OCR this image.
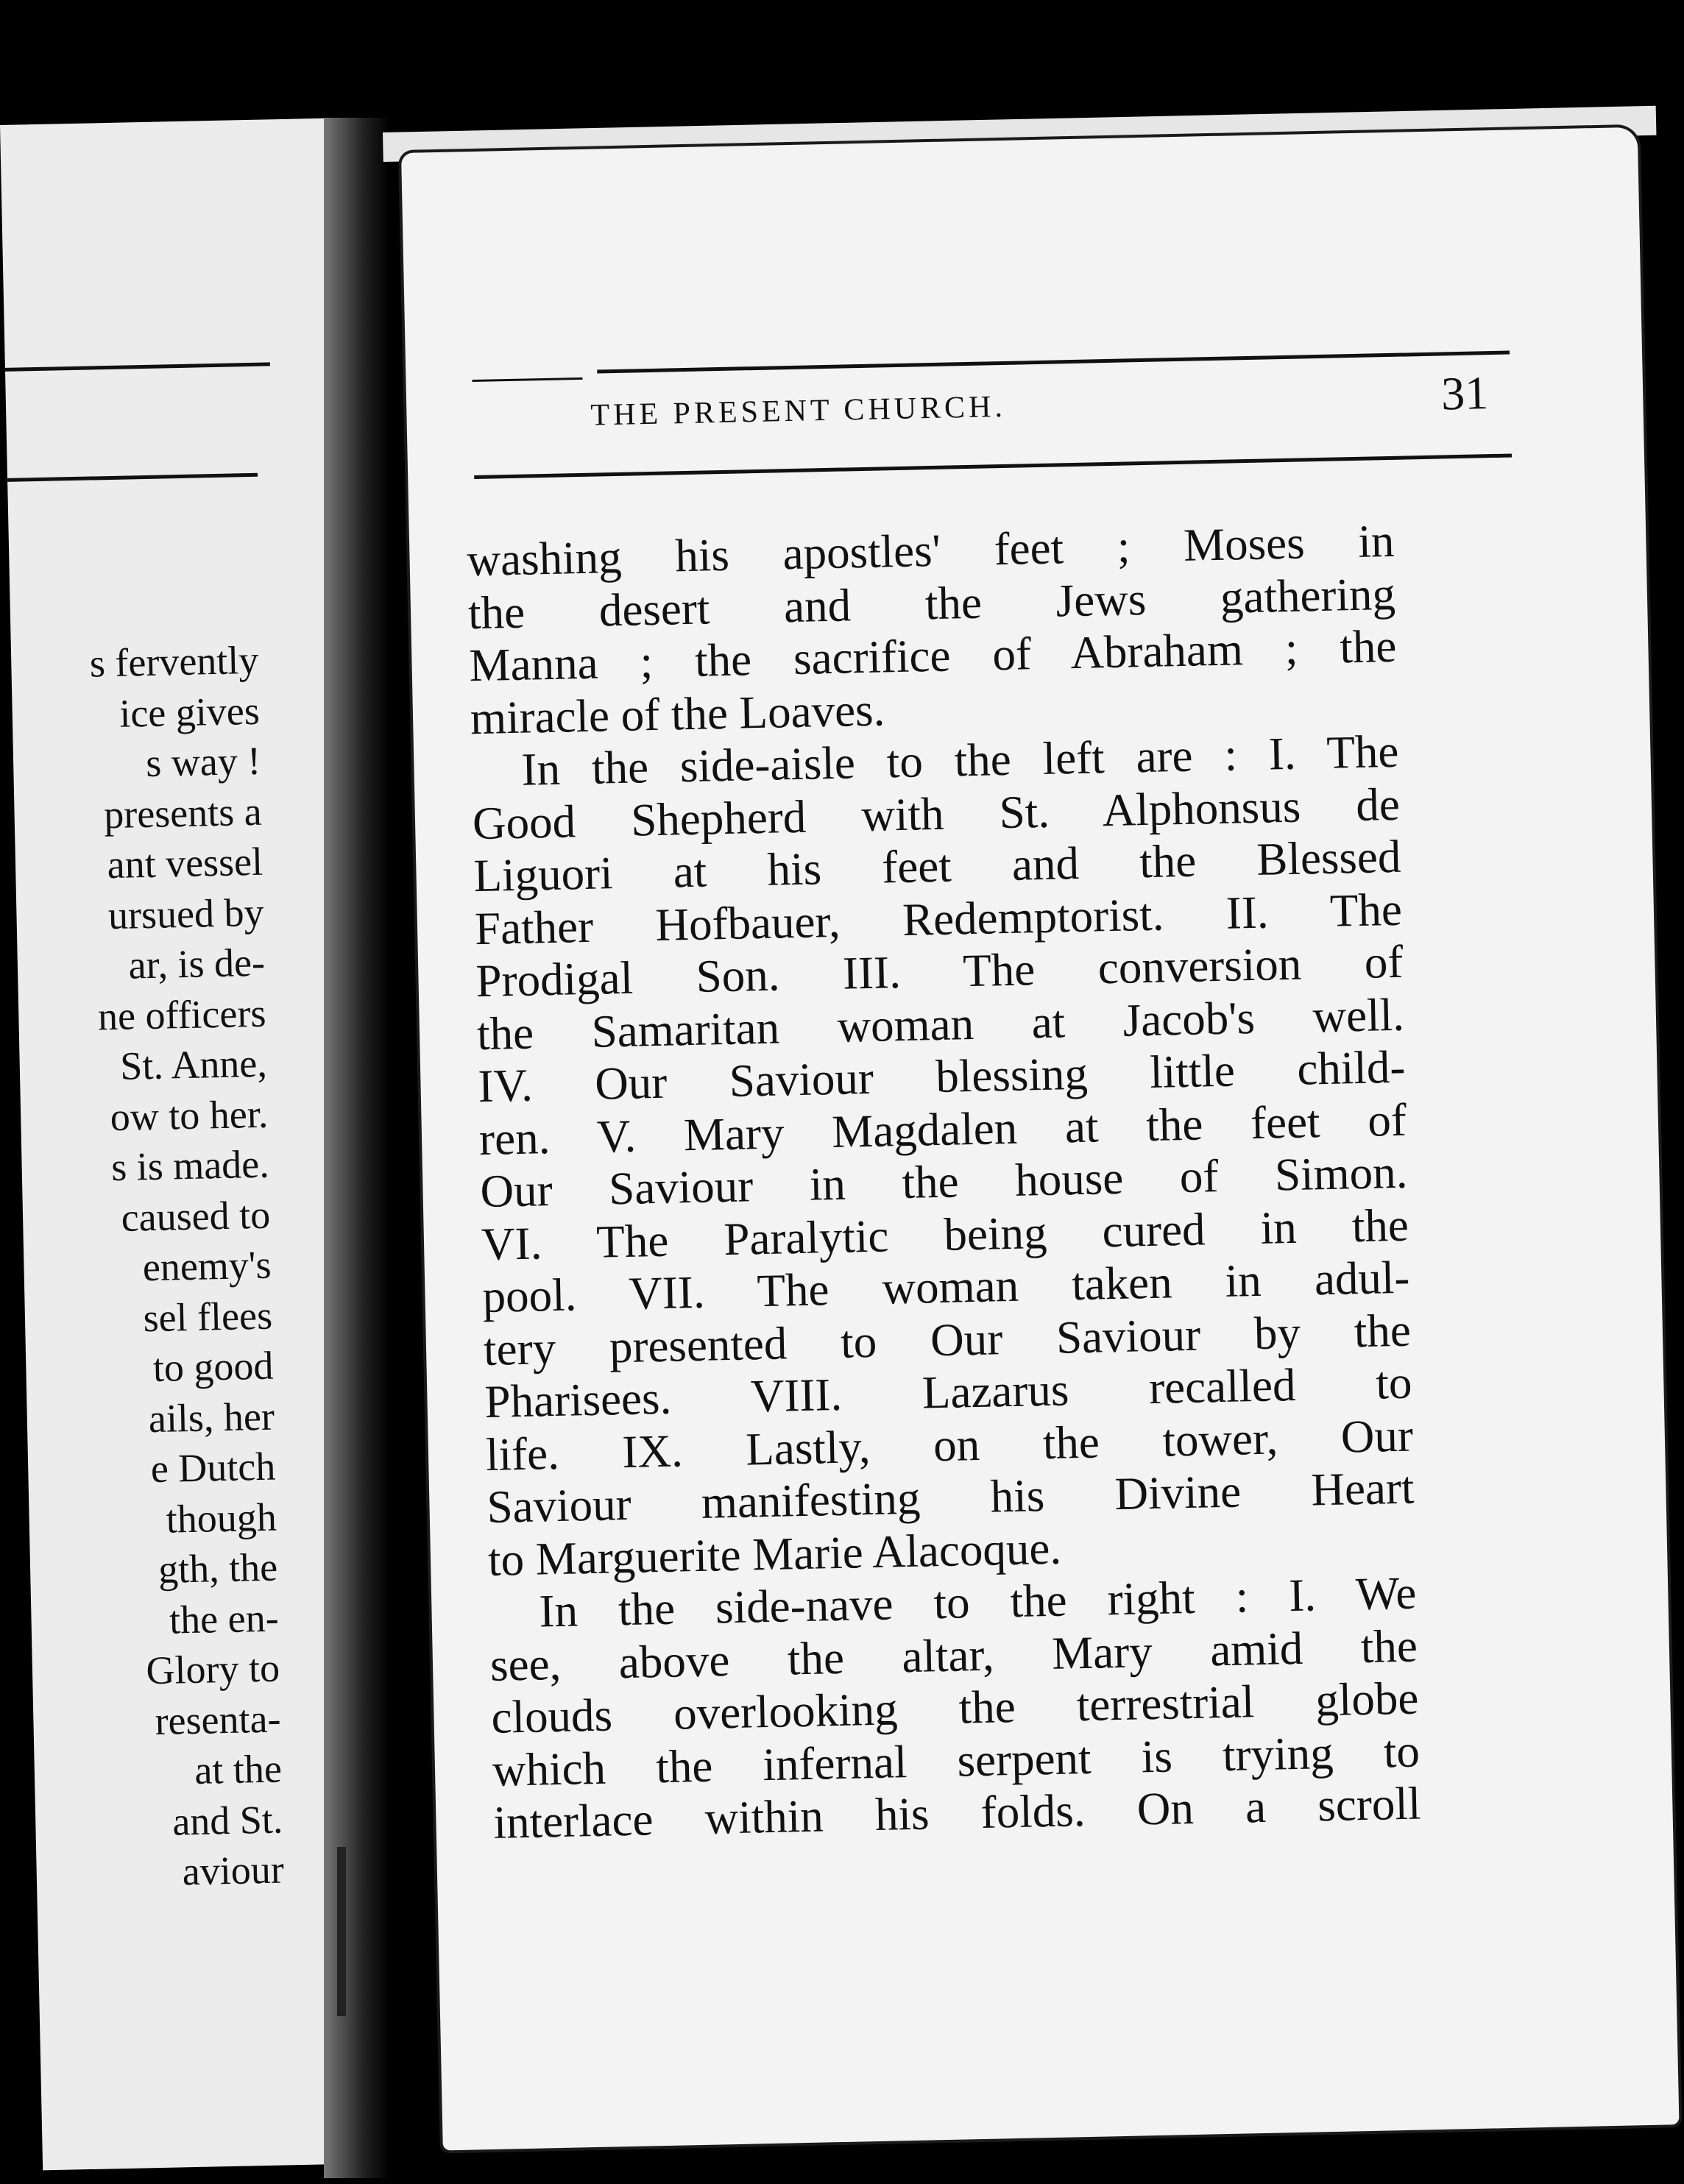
s fervently
ice gives
s way !
presents a
ant vessel
ursued by
ar, is de-
ne officers
St. Anne,
ow to her.
s is made.
caused to
enemy's
sel flees
to good
ails, her
e Dutch
though
gth, the
the en-
Glory to
resenta-
at the
and St.
aviour
THE PRESENT CHURCH.	31
washing his apostles' feet ; Moses in
the desert and the Jews gathering
Manna ; the sacrifice of Abraham ; the
miracle of the Loaves.
In the side-aisle to the left are : I. The
Good Shepherd with St. Alphonsus de
Liguori at his feet and the Blessed
Father Hofbauer, Redemptorist. II. The
Prodigal Son. III. The conversion of
the Samaritan woman at Jacob's well.
IV. Our Saviour blessing little child-
ren. V. Mary Magdalen at the feet of
Our Saviour in the house of Simon.
VI. The Paralytic being cured in the
pool. VII. The woman taken in adul-
tery presented to Our Saviour by the
Pharisees. VIII. Lazarus recalled to
life. IX. Lastly, on the tower, Our
Saviour manifesting his Divine Heart
to Marguerite Marie Alacoque.
In the side-nave to the right : I. We
see, above the altar, Mary amid the
clouds overlooking the terrestrial globe
which the infernal serpent is trying to
interlace within his folds. On a scroll
